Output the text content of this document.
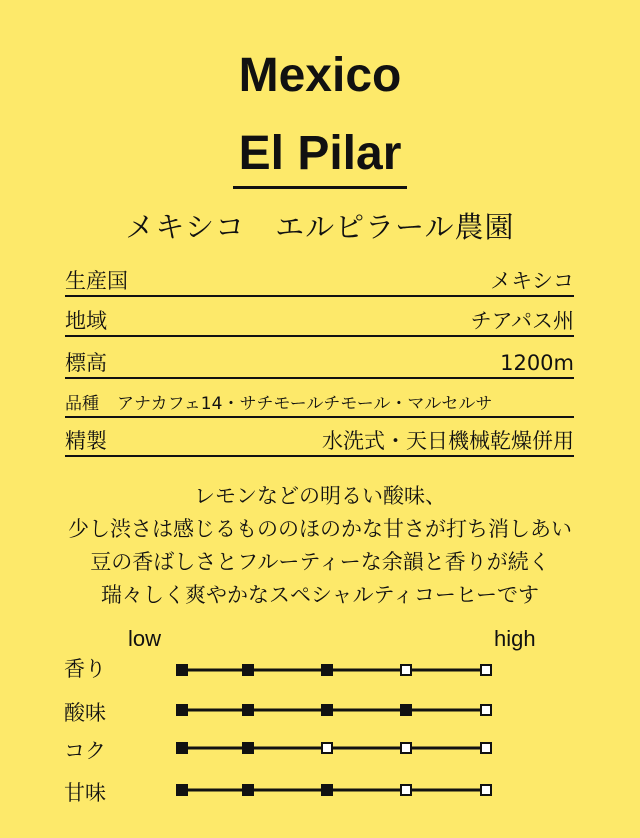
Mexico
El Pilar
メキシコ　エルピラール農園
生産国	メキシコ
地域	チアパス州
標高	1200m
品種 アナカフェ14・サチモールチモール・マルセルサ
精製	水洗式・天日機械乾燥併用
レモンなどの明るい酸味、
少し渋さは感じるもののほのかな甘さが打ち消しあい
豆の香ばしさとフルーティーな余韻と香りが続く
瑞々しく爽やかなスペシャルティコーヒーです
low	high
香り
酸味
コク
甘味
